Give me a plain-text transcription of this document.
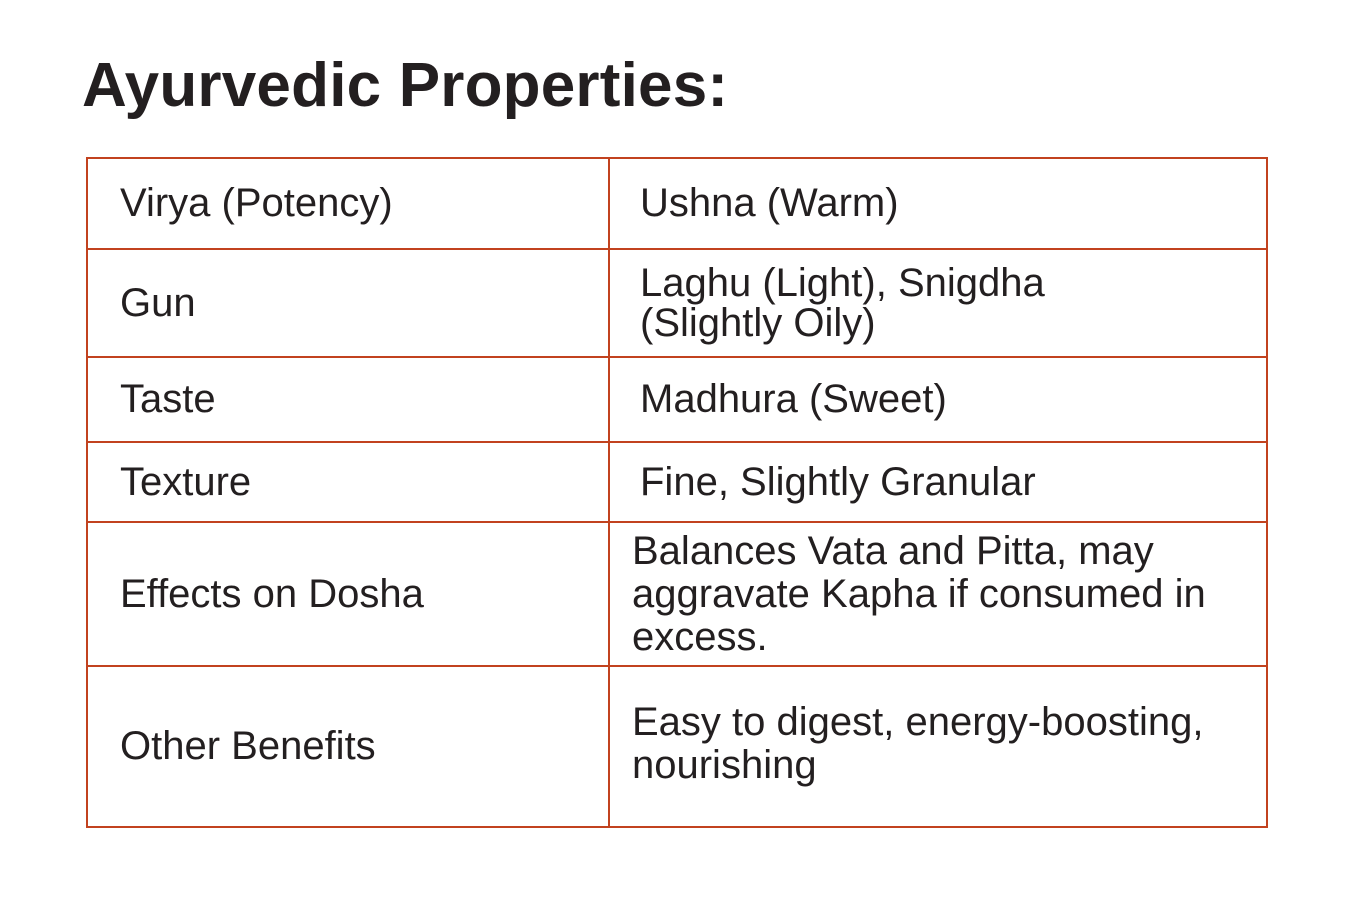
Ayurvedic Properties:
Virya (Potency)	Ushna (Warm)
Gun	Laghu (Light), Snigdha
(Slightly Oily)

Taste	Madhura (Sweet)
Texture	Fine, Slightly Granular
Effects on Dosha	Balances Vata and Pitta, may
aggravate Kapha if consumed in
excess.

Other Benefits	Easy to digest, energy-boosting,
nourishing
